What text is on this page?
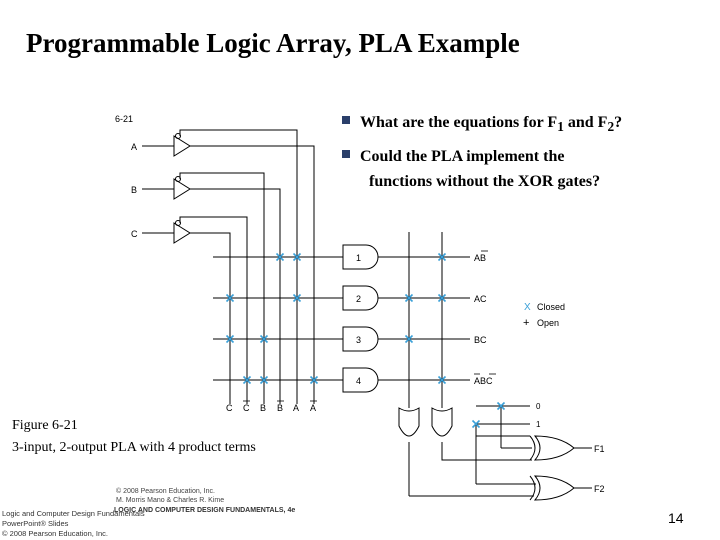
Programmable Logic Array, PLA Example
What are the equations for $F_1$ and $F_2$?
Could the PLA implement the
functions without the XOR gates?
6-21
A
B
C
1
2
3
4
AB
AC
BC
ABC
X Closed
+ Open
C C B B A A	0
1
F1
F2
© 2008 Pearson Education, Inc.
M. Morris Mano & Charles R. Kime
LOGIC AND COMPUTER DESIGN FUNDAMENTALS, 4e
Figure 6-21
3-input, 2-output PLA with 4 product terms
Logic and Computer Design Fundamentals
PowerPoint® Slides
© 2008 Pearson Education, Inc.
14
